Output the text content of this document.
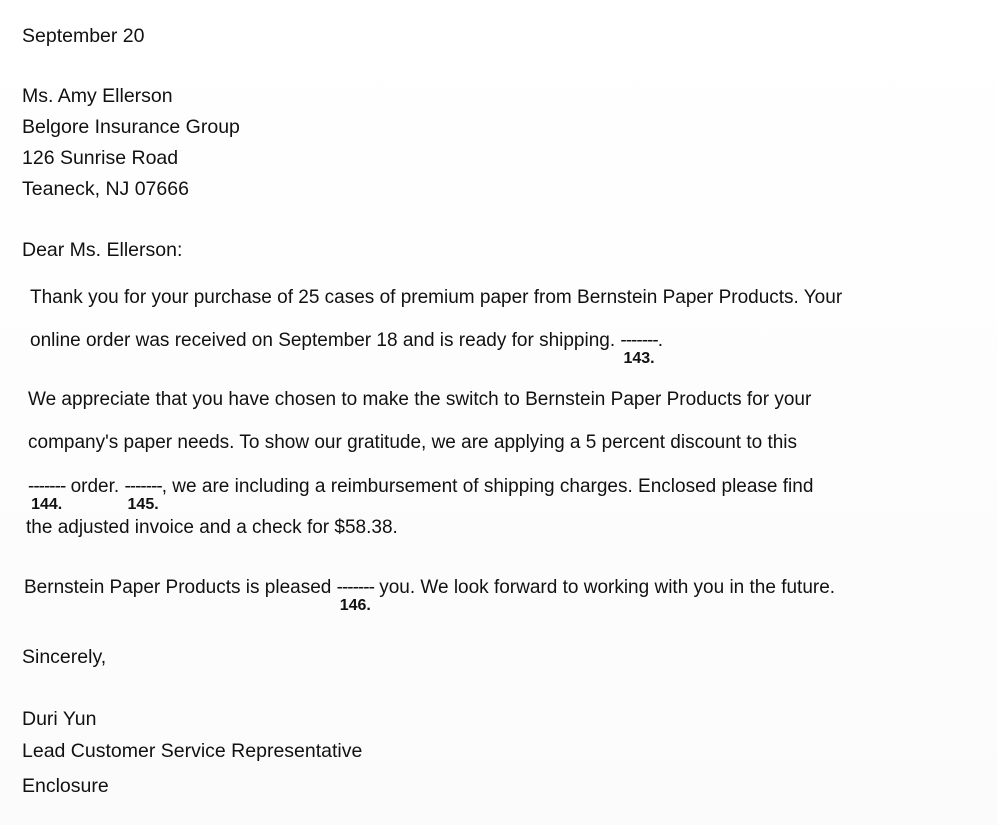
September 20
Ms. Amy Ellerson
Belgore Insurance Group
126 Sunrise Road
Teaneck, NJ 07666
Dear Ms. Ellerson:
Thank you for your purchase of 25 cases of premium paper from Bernstein Paper Products. Your
online order was received on September 18 and is ready for shipping. -------
143.
.
We appreciate that you have chosen to make the switch to Bernstein Paper Products for your
company's paper needs. To show our gratitude, we are applying a 5 percent discount to this
-------
144.
order. -------
145.
, we are including a reimbursement of shipping charges. Enclosed please find
the adjusted invoice and a check for $58.38.
Bernstein Paper Products is pleased -------
146.
you. We look forward to working with you in the future.
Sincerely,
Duri Yun
Lead Customer Service Representative
Enclosure
